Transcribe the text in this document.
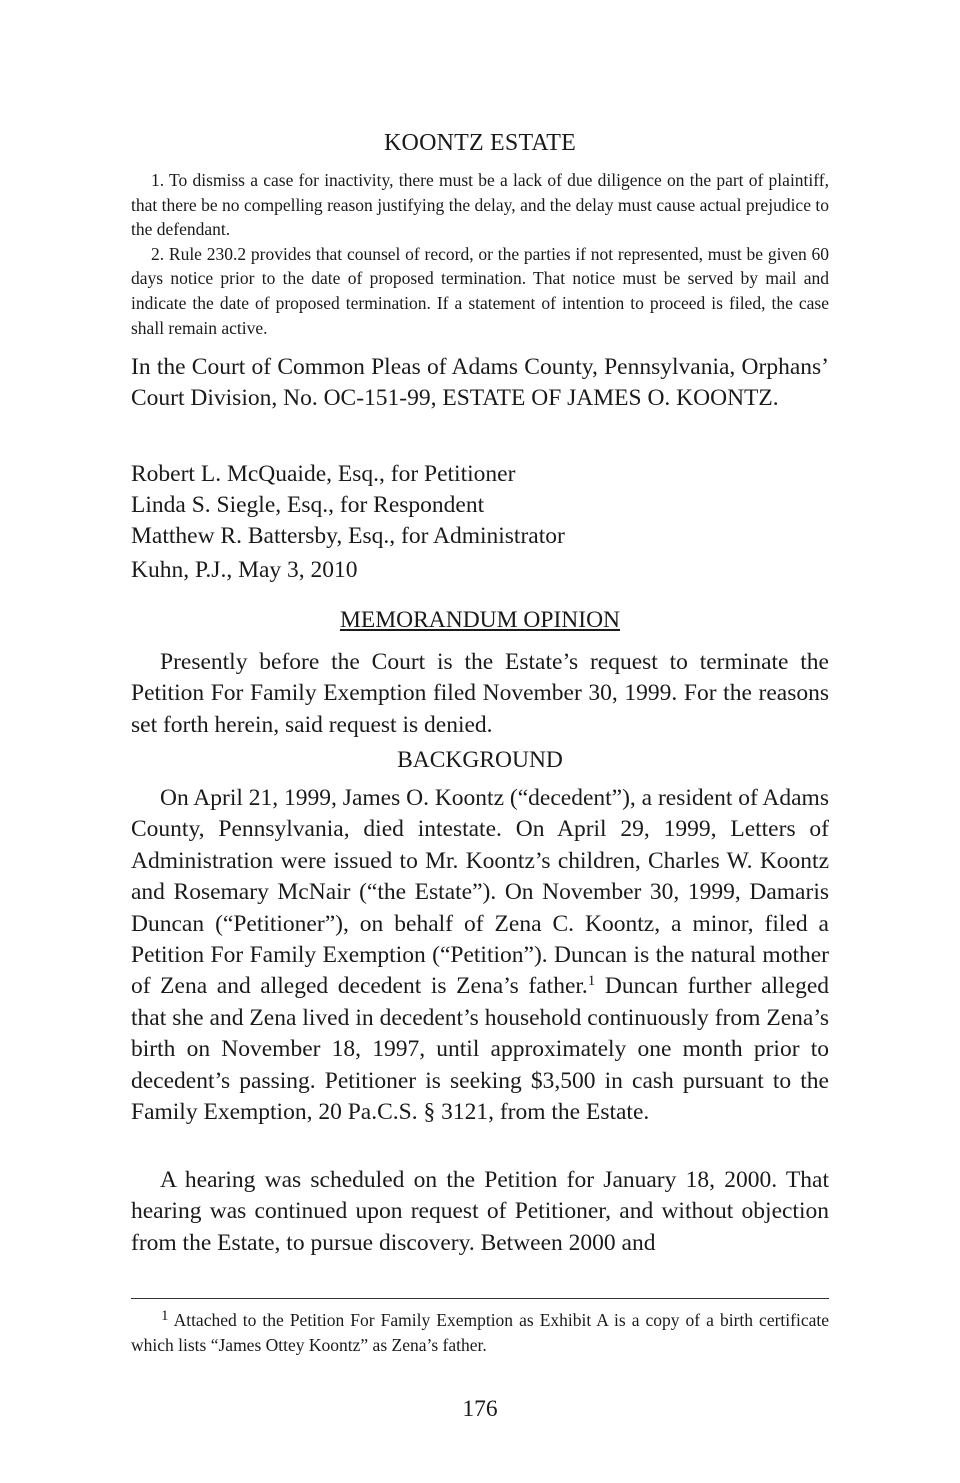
KOONTZ ESTATE

1. To dismiss a case for inactivity, there must be a lack of due diligence on the part of plaintiff, that there be no compelling reason justifying the delay, and the delay must cause actual prejudice to the defendant.

2. Rule 230.2 provides that counsel of record, or the parties if not represented, must be given 60 days notice prior to the date of proposed termination. That notice must be served by mail and indicate the date of proposed termination. If a statement of intention to proceed is filed, the case shall remain active.

In the Court of Common Pleas of Adams County, Pennsylvania, Orphans’ Court Division, No. OC-151-99, ESTATE OF JAMES O. KOONTZ.

Robert L. McQuaide, Esq., for Petitioner
Linda S. Siegle, Esq., for Respondent
Matthew R. Battersby, Esq., for Administrator
Kuhn, P.J., May 3, 2010
MEMORANDUM OPINION

Presently before the Court is the Estate’s request to terminate the Petition For Family Exemption filed November 30, 1999. For the reasons set forth herein, said request is denied.

BACKGROUND

On April 21, 1999, James O. Koontz (“decedent”), a resident of Adams County, Pennsylvania, died intestate. On April 29, 1999, Letters of Administration were issued to Mr. Koontz’s children, Charles W. Koontz and Rosemary McNair (“the Estate”). On November 30, 1999, Damaris Duncan (“Petitioner”), on behalf of Zena C. Koontz, a minor, filed a Petition For Family Exemption (“Petition”). Duncan is the natural mother of Zena and alleged decedent is Zena’s father.$^1$ Duncan further alleged that she and Zena lived in decedent’s household continuously from Zena’s birth on November 18, 1997, until approximately one month prior to decedent’s passing. Petitioner is seeking $3,500 in cash pursuant to the Family Exemption, 20 Pa.C.S. § 3121, from the Estate.

A hearing was scheduled on the Petition for January 18, 2000. That hearing was continued upon request of Petitioner, and without objection from the Estate, to pursue discovery. Between 2000 and

$^1$ Attached to the Petition For Family Exemption as Exhibit A is a copy of a birth certificate which lists “James Ottey Koontz” as Zena’s father.

176
